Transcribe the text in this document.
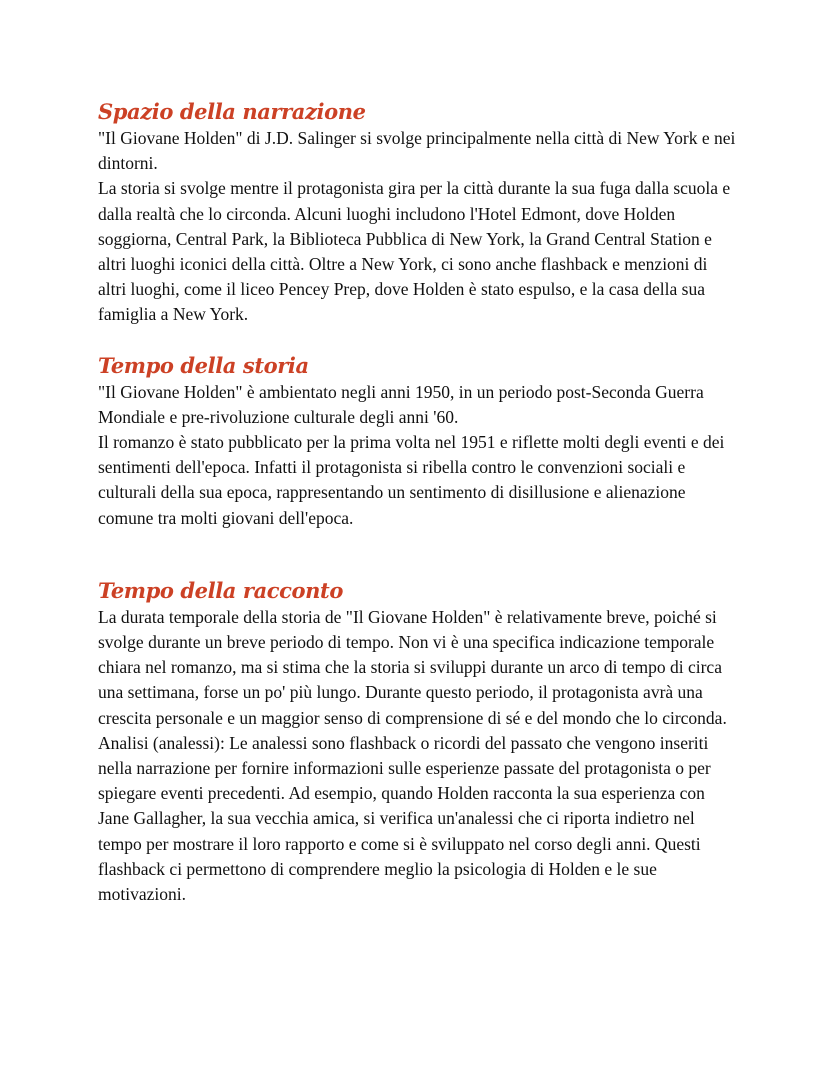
Spazio della narrazione

"Il Giovane Holden" di J.D. Salinger si svolge principalmente nella città di New York e nei dintorni.

La storia si svolge mentre il protagonista gira per la città durante la sua fuga dalla scuola e dalla realtà che lo circonda. Alcuni luoghi includono l'Hotel Edmont, dove Holden soggiorna, Central Park, la Biblioteca Pubblica di New York, la Grand Central Station e altri luoghi iconici della città. Oltre a New York, ci sono anche flashback e menzioni di altri luoghi, come il liceo Pencey Prep, dove Holden è stato espulso, e la casa della sua famiglia a New York.

Tempo della storia

"Il Giovane Holden" è ambientato negli anni 1950, in un periodo post-Seconda Guerra Mondiale e pre-rivoluzione culturale degli anni '60.

Il romanzo è stato pubblicato per la prima volta nel 1951 e riflette molti degli eventi e dei sentimenti dell'epoca. Infatti il protagonista si ribella contro le convenzioni sociali e culturali della sua epoca, rappresentando un sentimento di disillusione e alienazione comune tra molti giovani dell'epoca.

Tempo della racconto

La durata temporale della storia de "Il Giovane Holden" è relativamente breve, poiché si svolge durante un breve periodo di tempo. Non vi è una specifica indicazione temporale chiara nel romanzo, ma si stima che la storia si sviluppi durante un arco di tempo di circa una settimana, forse un po' più lungo. Durante questo periodo, il protagonista avrà una crescita personale e un maggior senso di comprensione di sé e del mondo che lo circonda. Analisi (analessi): Le analessi sono flashback o ricordi del passato che vengono inseriti nella narrazione per fornire informazioni sulle esperienze passate del protagonista o per spiegare eventi precedenti. Ad esempio, quando Holden racconta la sua esperienza con Jane Gallagher, la sua vecchia amica, si verifica un'analessi che ci riporta indietro nel tempo per mostrare il loro rapporto e come si è sviluppato nel corso degli anni. Questi flashback ci permettono di comprendere meglio la psicologia di Holden e le sue motivazioni.
